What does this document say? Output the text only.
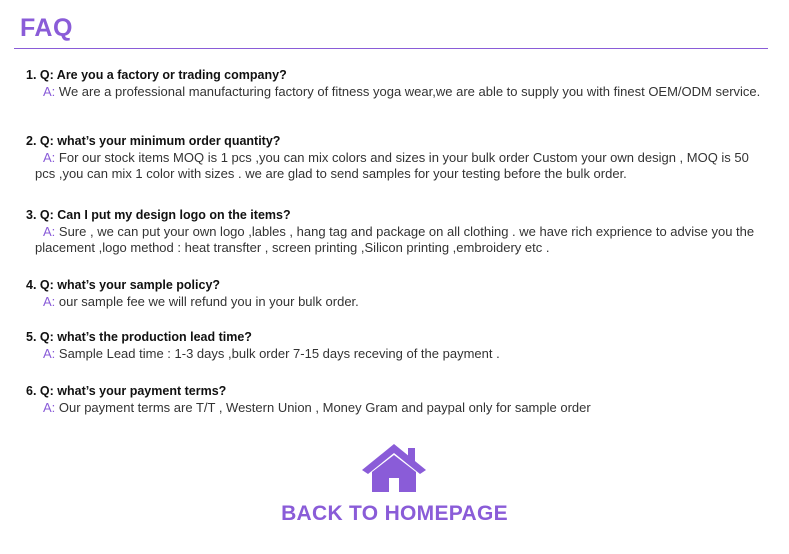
FAQ
1. Q: Are you a factory or trading company?
A: We are a professional manufacturing factory of fitness yoga wear,we are able to supply you with finest OEM/ODM service.
2. Q: what’s your minimum order quantity?
A: For our stock items MOQ is 1 pcs ,you can mix colors and sizes in your bulk order Custom your own design , MOQ is 50 pcs ,you can mix 1 color with sizes . we are glad to send samples for your testing before the bulk order.
3. Q: Can I put my design logo on the items?
A: Sure , we can put your own logo ,lables , hang tag and package on all clothing . we have rich exprience to advise you the placement ,logo method : heat transfter , screen printing ,Silicon printing ,embroidery etc .
4. Q: what’s your sample policy?
A: our sample fee we will refund you in your bulk order.
5. Q: what’s the production lead time?
A: Sample Lead time : 1-3 days ,bulk order 7-15 days receving of the payment .
6. Q: what’s your payment terms?
A: Our payment terms are T/T , Western Union , Money Gram and paypal only for sample order
BACK TO HOMEPAGE
